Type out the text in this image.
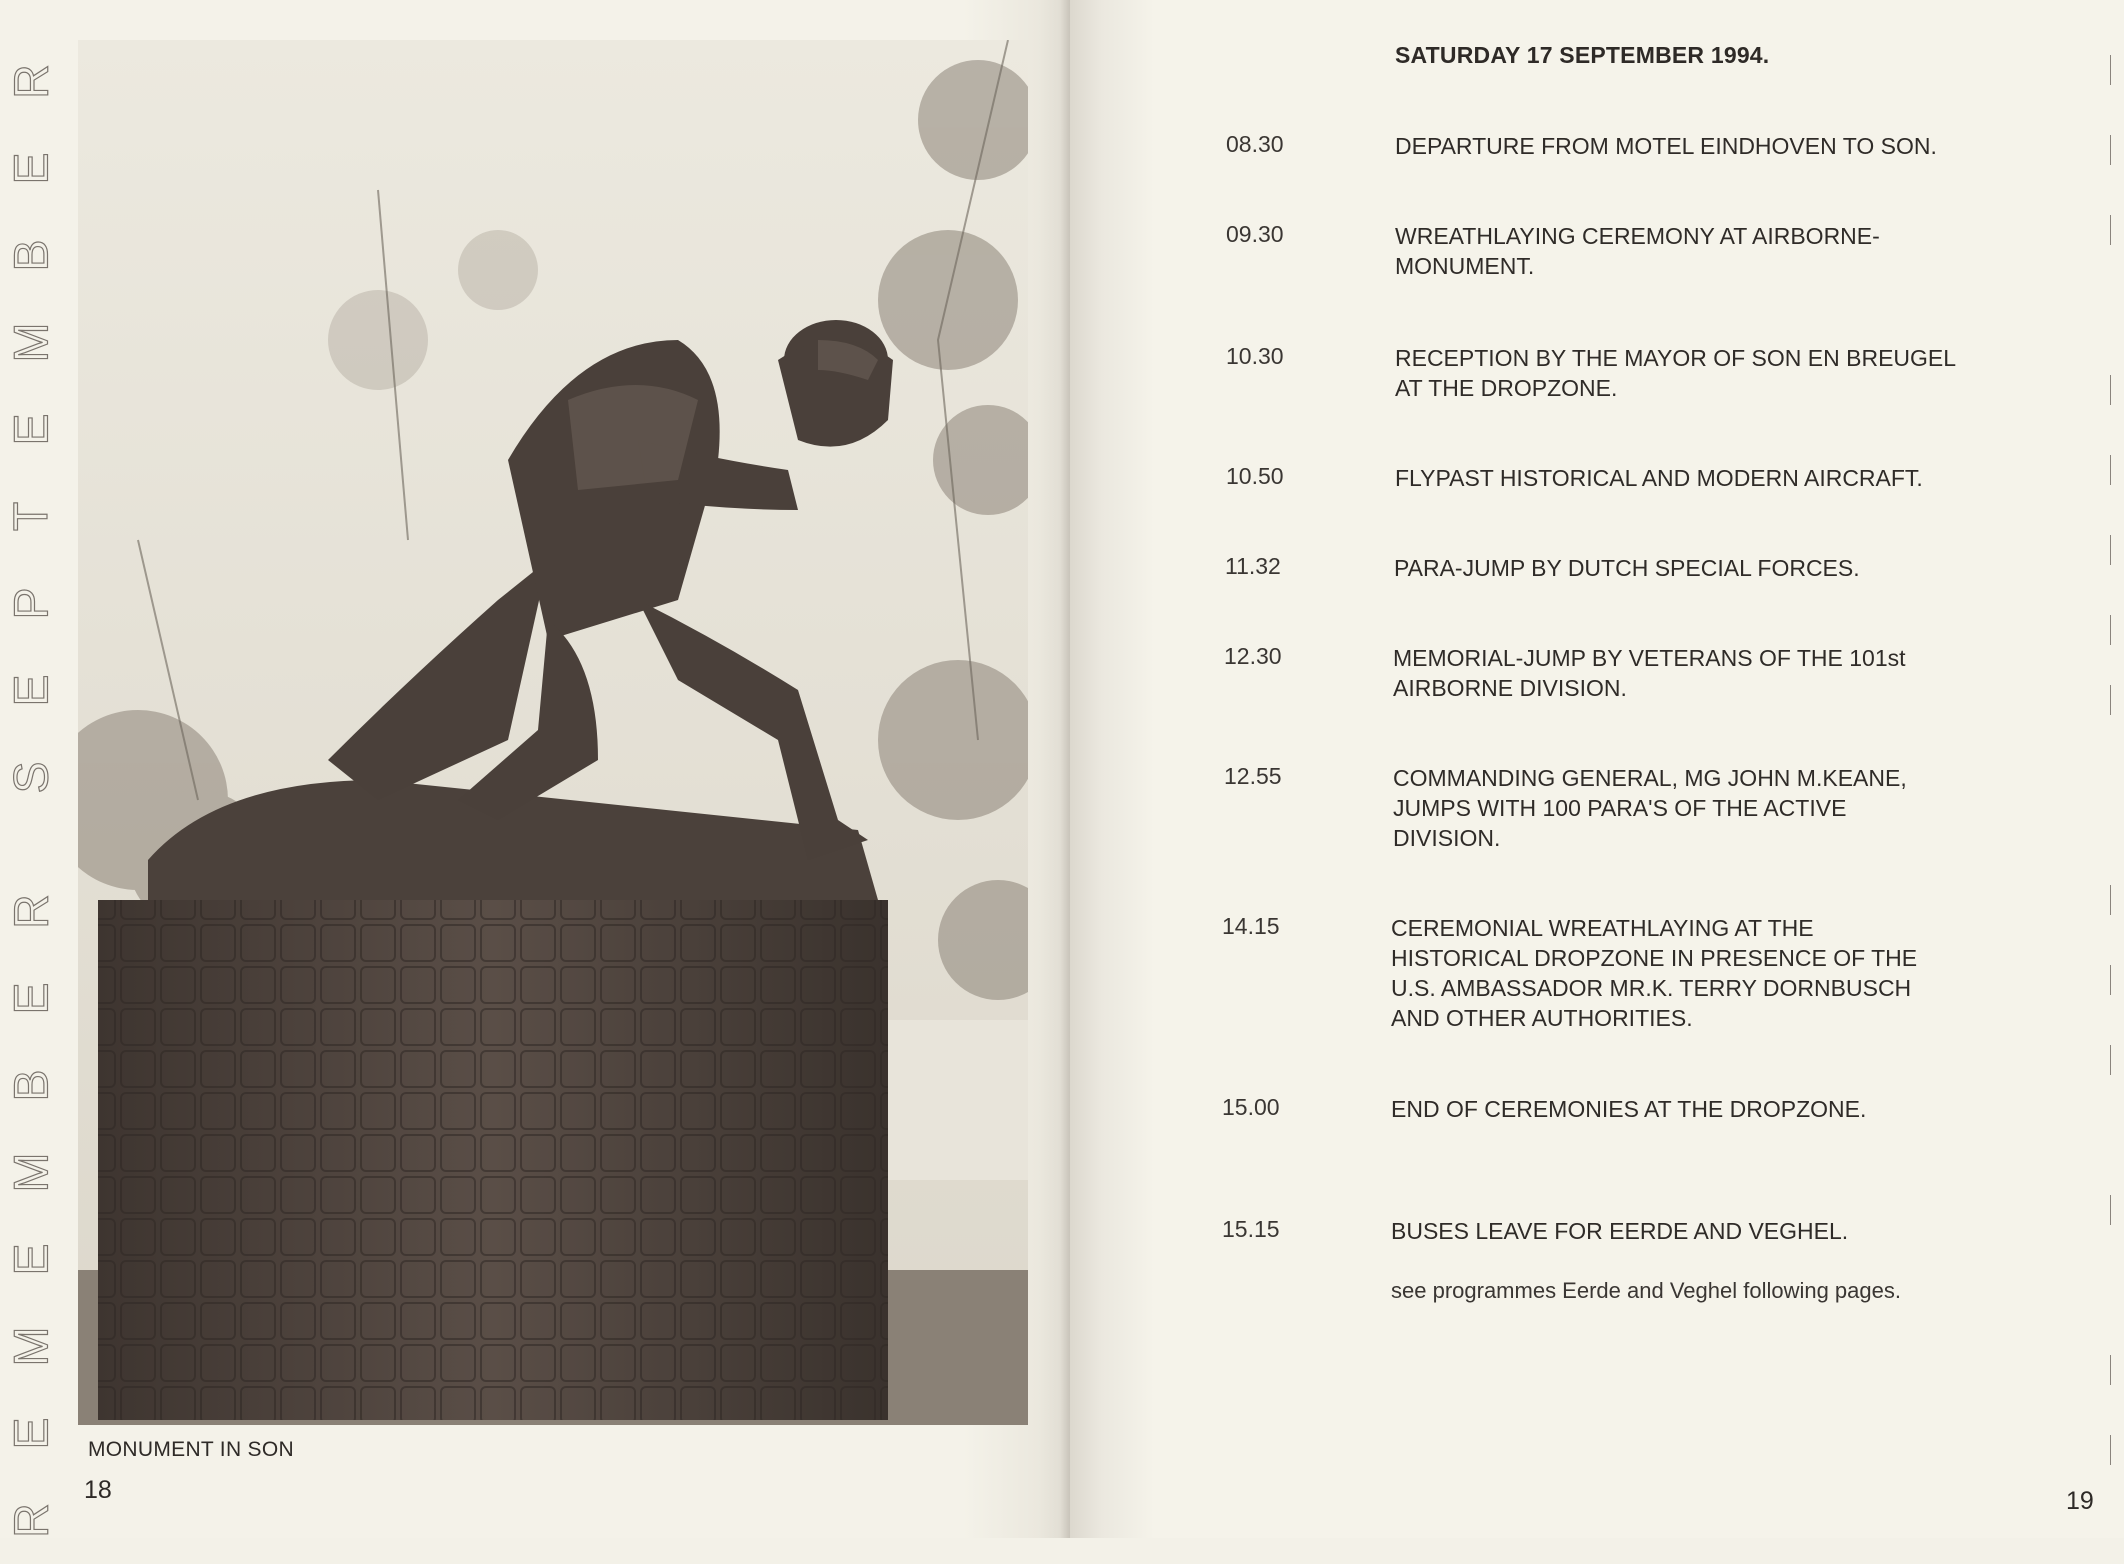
R
E
B
M
E
T
P
E
S
R
E
B
M
E
M
E
R
MONUMENT IN SON
18
SATURDAY 17 SEPTEMBER 1994.
08.30	DEPARTURE FROM MOTEL EINDHOVEN TO SON.
09.30	WREATHLAYING CEREMONY AT AIRBORNE-
MONUMENT.
10.30	RECEPTION BY THE MAYOR OF SON EN BREUGEL
AT THE DROPZONE.
10.50	FLYPAST HISTORICAL AND MODERN AIRCRAFT.
11.32	PARA-JUMP BY DUTCH SPECIAL FORCES.
12.30	MEMORIAL-JUMP BY VETERANS OF THE 101st
AIRBORNE DIVISION.
12.55	COMMANDING GENERAL, MG JOHN M.KEANE,
JUMPS WITH 100 PARA'S OF THE ACTIVE
DIVISION.
14.15	CEREMONIAL WREATHLAYING AT THE
HISTORICAL DROPZONE IN PRESENCE OF THE
U.S. AMBASSADOR MR.K. TERRY DORNBUSCH
AND OTHER AUTHORITIES.
15.00	END OF CEREMONIES AT THE DROPZONE.
15.15	BUSES LEAVE FOR EERDE AND VEGHEL.
see programmes Eerde and Veghel following pages.
19
